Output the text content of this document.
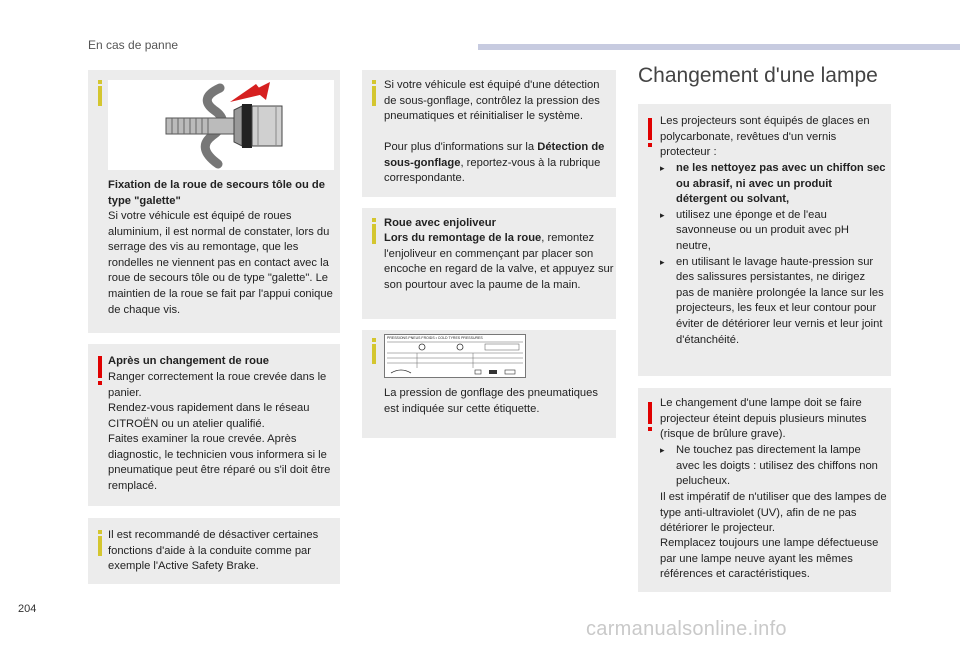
En cas de panne

Fixation de la roue de secours tôle ou de type "galette"

Si votre véhicule est équipé de roues aluminium, il est normal de constater, lors du serrage des vis au remontage, que les rondelles ne viennent pas en contact avec la roue de secours tôle ou de type "galette". Le maintien de la roue se fait par l'appui conique de chaque vis.

Après un changement de roue

Ranger correctement la roue crevée dans le panier.

Rendez-vous rapidement dans le réseau CITROËN ou un atelier qualifié.

Faites examiner la roue crevée. Après diagnostic, le technicien vous informera si le pneumatique peut être réparé ou s'il doit être remplacé.

Il est recommandé de désactiver certaines fonctions d'aide à la conduite comme par exemple l'Active Safety Brake.

Si votre véhicule est équipé d'une détection de sous-gonflage, contrôlez la pression des pneumatiques et réinitialiser le système.

Pour plus d'informations sur la Détection de sous-gonflage, reportez-vous à la rubrique correspondante.

Roue avec enjoliveur

Lors du remontage de la roue, remontez l'enjoliveur en commençant par placer son encoche en regard de la valve, et appuyez sur son pourtour avec la paume de la main.

PRESSIONS PNEUS FROIDS • COLD TYRES PRESSURES

La pression de gonflage des pneumatiques est indiquée sur cette étiquette.

Changement d'une lampe

Les projecteurs sont équipés de glaces en polycarbonate, revêtues d'un vernis protecteur :

▸ ne les nettoyez pas avec un chiffon sec ou abrasif, ni avec un produit détergent ou solvant,
▸ utilisez une éponge et de l'eau savonneuse ou un produit avec pH neutre,
▸ en utilisant le lavage haute-pression sur des salissures persistantes, ne dirigez pas de manière prolongée la lance sur les projecteurs, les feux et leur contour pour éviter de détériorer leur vernis et leur joint d'étanchéité.

Le changement d'une lampe doit se faire projecteur éteint depuis plusieurs minutes (risque de brûlure grave).

▸ Ne touchez pas directement la lampe avec les doigts : utilisez des chiffons non pelucheux.

Il est impératif de n'utiliser que des lampes de type anti-ultraviolet (UV), afin de ne pas détériorer le projecteur.

Remplacez toujours une lampe défectueuse par une lampe neuve ayant les mêmes références et caractéristiques.

204
carmanualsonline.info
